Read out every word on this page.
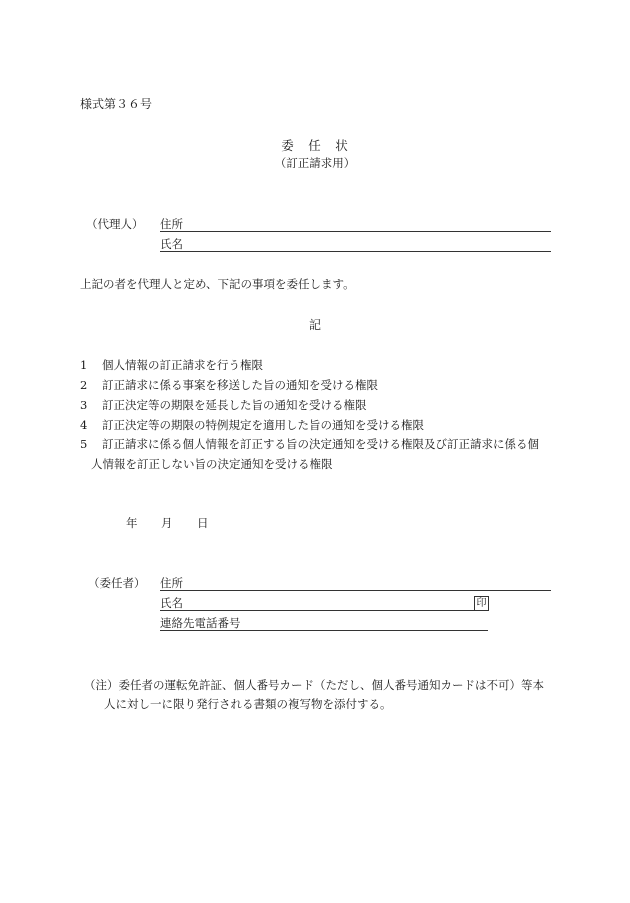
様式第３６号
委　任　状
（訂正請求用）
（代理人） 住所
氏名
上記の者を代理人と定め、下記の事項を委任します。
記
1 個人情報の訂正請求を行う権限
2 訂正請求に係る事案を移送した旨の通知を受ける権限
3 訂正決定等の期限を延長した旨の通知を受ける権限
4 訂正決定等の期限の特例規定を適用した旨の通知を受ける権限
5 訂正請求に係る個人情報を訂正する旨の決定通知を受ける権限及び訂正請求に係る個
人情報を訂正しない旨の決定通知を受ける権限
年 月 日
（委任者） 住所
氏名	印
連絡先電話番号
（注）委任者の運転免許証、個人番号カード（ただし、個人番号通知カードは不可）等本
人に対し一に限り発行される書類の複写物を添付する。
